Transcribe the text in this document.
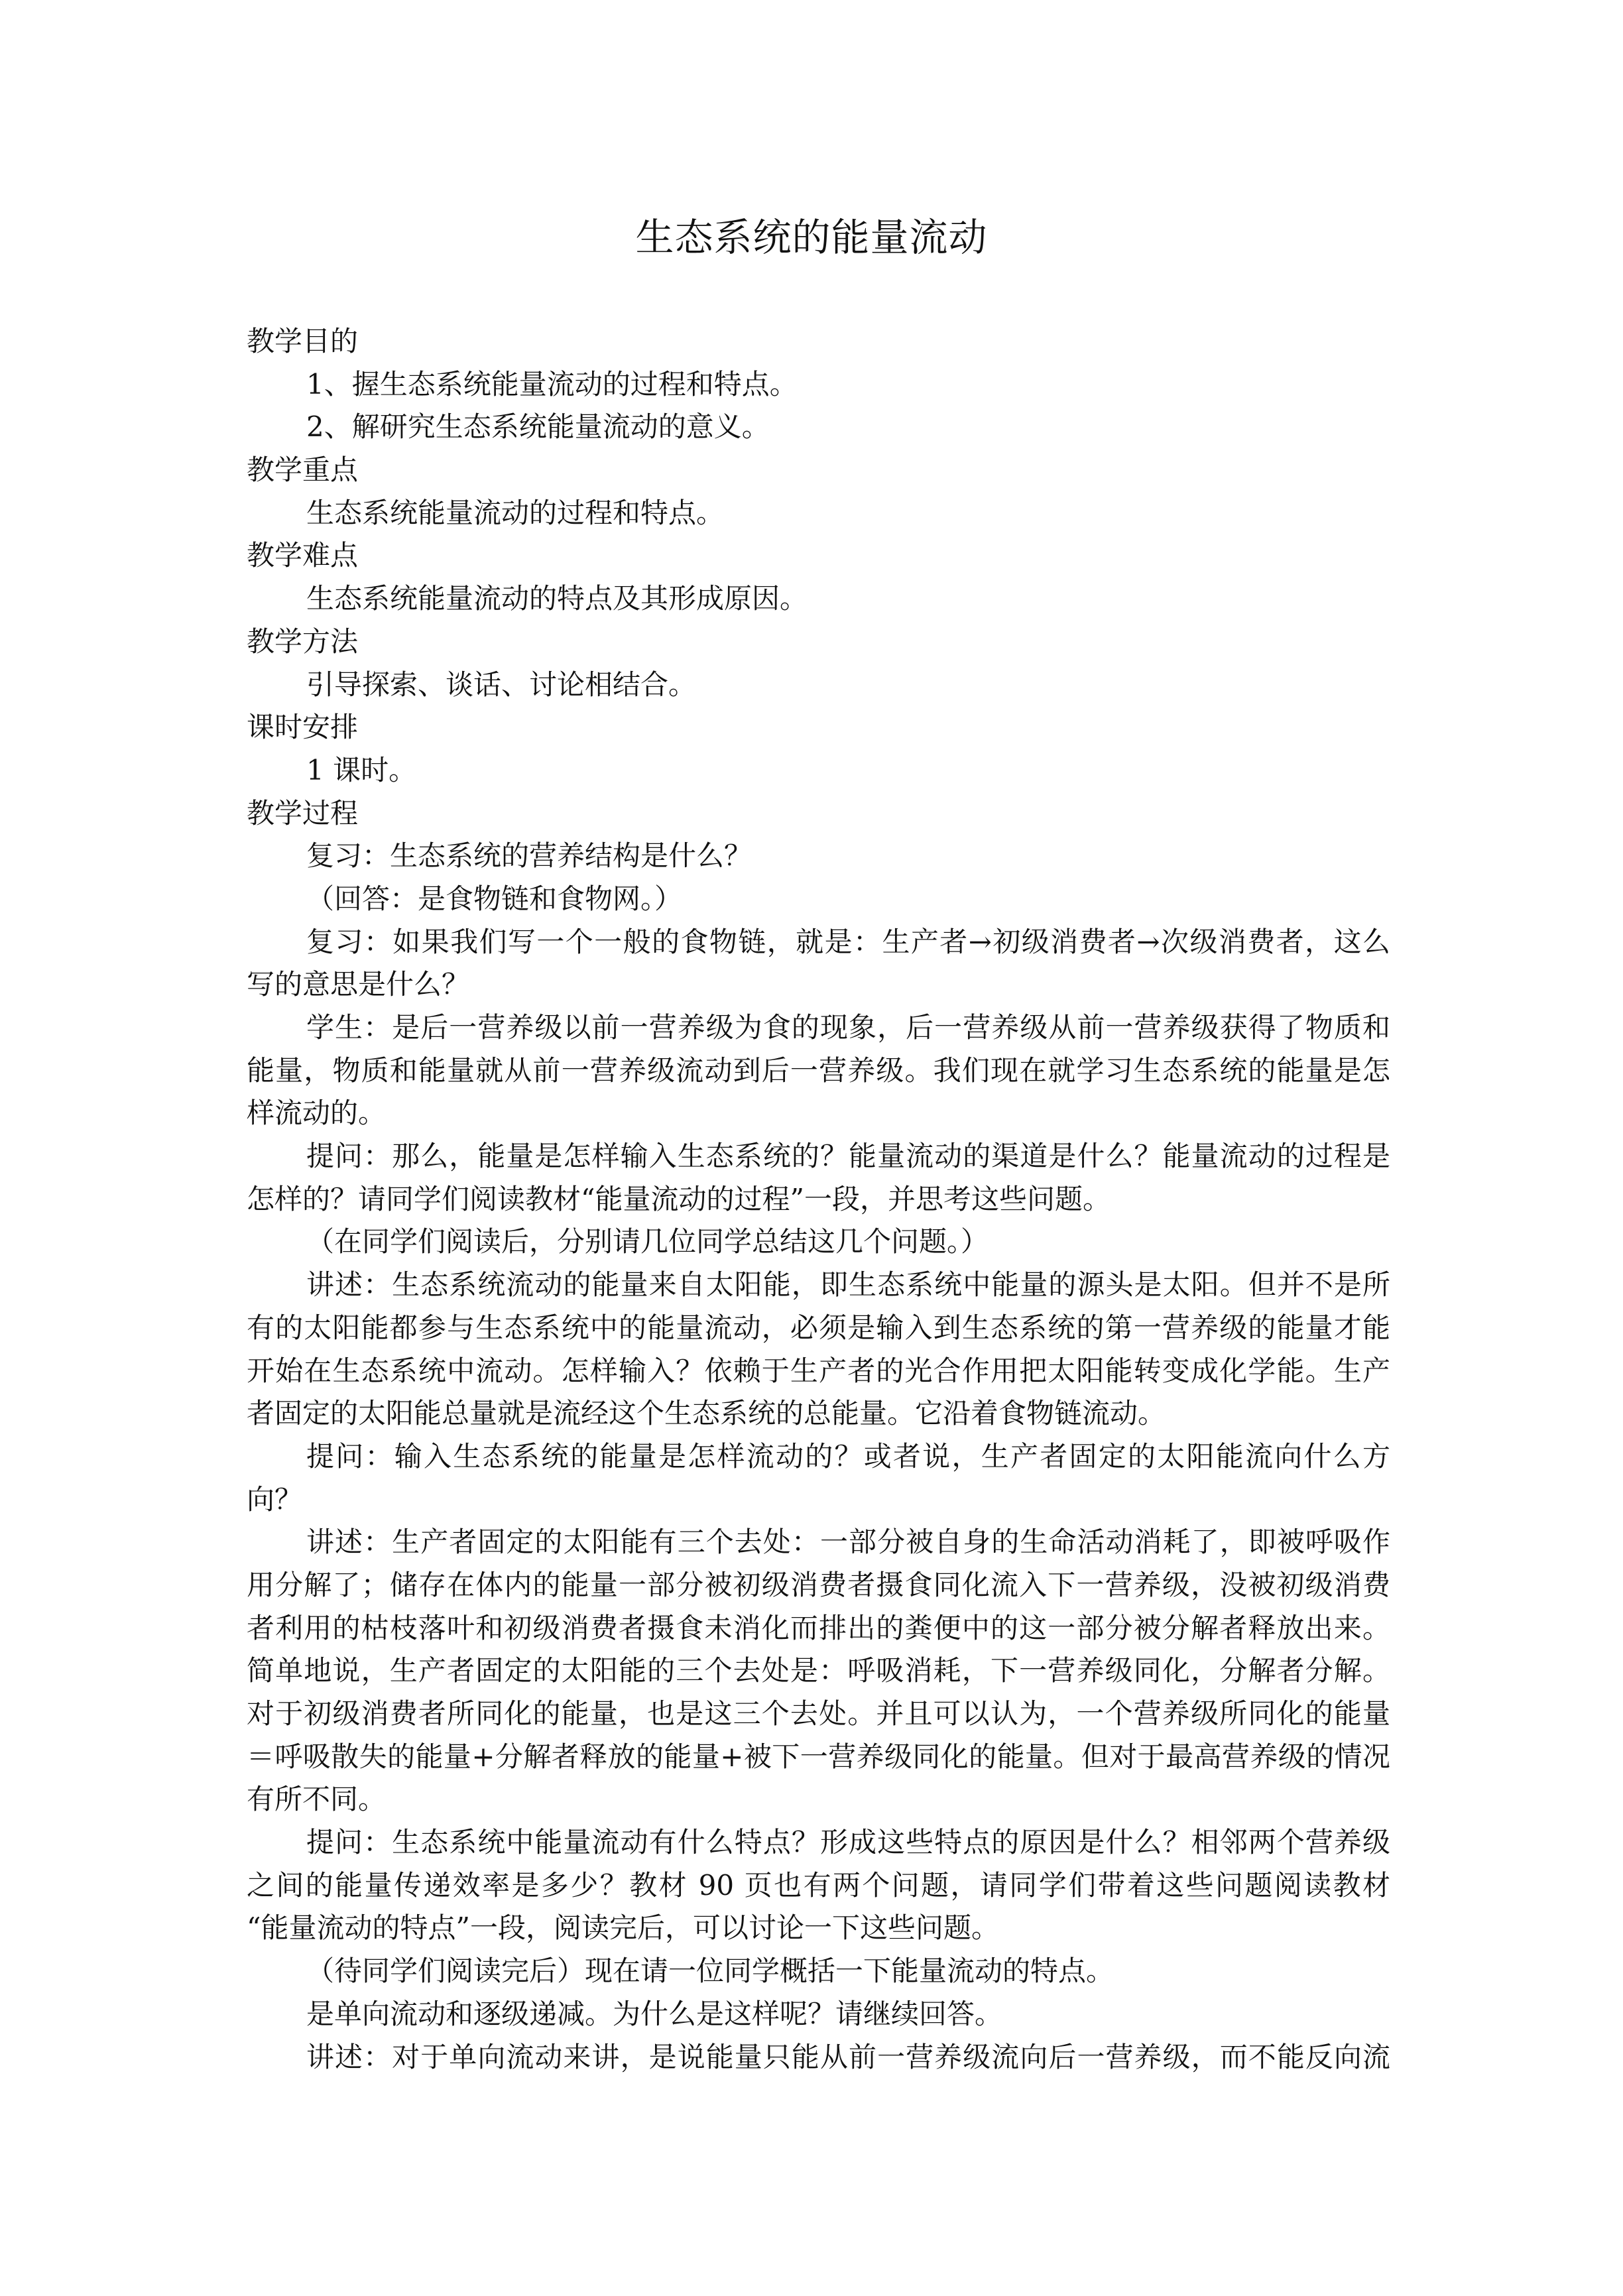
生态系统的能量流动

教学目的

1、握生态系统能量流动的过程和特点。

2、解研究生态系统能量流动的意义。

教学重点

生态系统能量流动的过程和特点。

教学难点

生态系统能量流动的特点及其形成原因。

教学方法

引导探索、谈话、讨论相结合。

课时安排

1 课时。

教学过程

复习：生态系统的营养结构是什么？

（回答：是食物链和食物网。）

复习：如果我们写一个一般的食物链，就是：生产者→初级消费者→次级消费者，这么

写的意思是什么？

学生：是后一营养级以前一营养级为食的现象，后一营养级从前一营养级获得了物质和

能量，物质和能量就从前一营养级流动到后一营养级。我们现在就学习生态系统的能量是怎

样流动的。

提问：那么，能量是怎样输入生态系统的？能量流动的渠道是什么？能量流动的过程是

怎样的？请同学们阅读教材“能量流动的过程”一段，并思考这些问题。

（在同学们阅读后，分别请几位同学总结这几个问题。）

讲述：生态系统流动的能量来自太阳能，即生态系统中能量的源头是太阳。但并不是所

有的太阳能都参与生态系统中的能量流动，必须是输入到生态系统的第一营养级的能量才能

开始在生态系统中流动。怎样输入？依赖于生产者的光合作用把太阳能转变成化学能。生产

者固定的太阳能总量就是流经这个生态系统的总能量。它沿着食物链流动。

提问：输入生态系统的能量是怎样流动的？或者说，生产者固定的太阳能流向什么方

向？

讲述：生产者固定的太阳能有三个去处：一部分被自身的生命活动消耗了，即被呼吸作

用分解了；储存在体内的能量一部分被初级消费者摄食同化流入下一营养级，没被初级消费

者利用的枯枝落叶和初级消费者摄食未消化而排出的粪便中的这一部分被分解者释放出来。

简单地说，生产者固定的太阳能的三个去处是：呼吸消耗，下一营养级同化，分解者分解。

对于初级消费者所同化的能量，也是这三个去处。并且可以认为，一个营养级所同化的能量

＝呼吸散失的能量+分解者释放的能量+被下一营养级同化的能量。但对于最高营养级的情况

有所不同。

提问：生态系统中能量流动有什么特点？形成这些特点的原因是什么？相邻两个营养级

之间的能量传递效率是多少？教材 90 页也有两个问题，请同学们带着这些问题阅读教材

“能量流动的特点”一段，阅读完后，可以讨论一下这些问题。

（待同学们阅读完后）现在请一位同学概括一下能量流动的特点。

是单向流动和逐级递减。为什么是这样呢？请继续回答。

讲述：对于单向流动来讲，是说能量只能从前一营养级流向后一营养级，而不能反向流
